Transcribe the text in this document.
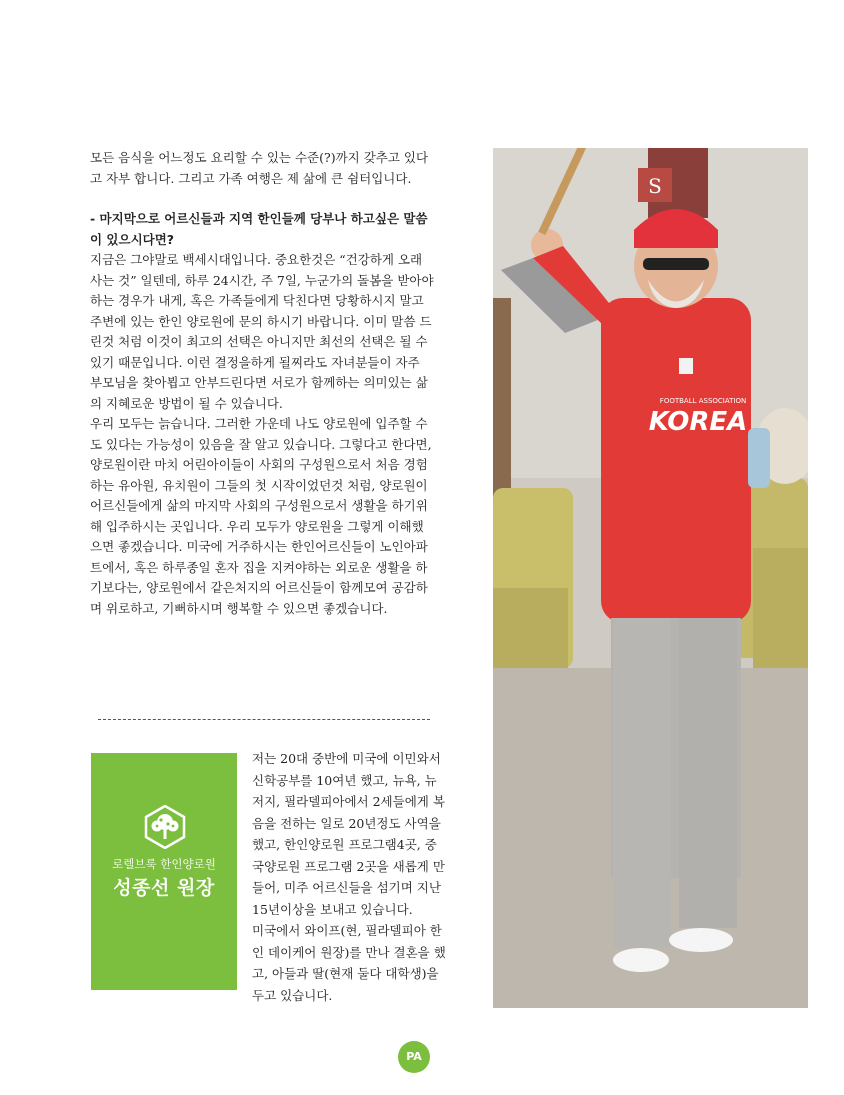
모든 음식을 어느정도 요리할 수 있는 수준(?)까지 갖추고 있다고 자부 합니다. 그리고 가족 여행은 제 삶에 큰 쉼터입니다.

- 마지막으로 어르신들과 지역 한인들께 당부나 하고싶은 말씀이 있으시다면?

지금은 그야말로 백세시대입니다. 중요한것은 “건강하게 오래 사는 것” 일텐데, 하루 24시간, 주 7일, 누군가의 돌봄을 받아야 하는 경우가 내게, 혹은 가족들에게 닥친다면 당황하시지 말고 주변에 있는 한인 양로원에 문의 하시기 바랍니다. 이미 말씀 드린것 처럼 이것이 최고의 선택은 아니지만 최선의 선택은 될 수 있기 때문입니다. 이런 결정을하게 될찌라도 자녀분들이 자주 부모님을 찾아뵙고 안부드린다면 서로가 함께하는 의미있는 삶의 지혜로운 방법이 될 수 있습니다.

우리 모두는 늙습니다. 그러한 가운데 나도 양로원에 입주할 수도 있다는 가능성이 있음을 잘 알고 있습니다. 그렇다고 한다면, 양로원이란 마치 어린아이들이 사회의 구성원으로서 처음 경험 하는 유아원, 유치원이 그들의 첫 시작이었던것 처럼, 양로원이 어르신들에게 삶의 마지막 사회의 구성원으로서 생활을 하기위해 입주하시는 곳입니다. 우리 모두가 양로원을 그렇게 이해했으면 좋겠습니다. 미국에 거주하시는 한인어르신들이 노인아파트에서, 혹은 하루종일 혼자 집을 지켜야하는 외로운 생활을 하기보다는, 양로원에서 같은처지의 어르신들이 함께모여 공감하며 위로하고, 기뻐하시며 행복할 수 있으면 좋겠습니다.

로렐브룩 한인양로원
성종선 원장
저는 20대 중반에 미국에 이민와서 신학공부를 10여년 했고, 뉴욕, 뉴저지, 필라델피아에서 2세들에게 복음을 전하는 일로 20년정도 사역을 했고, 한인양로원 프로그램4곳, 중국양로원 프로그램 2곳을 새롭게 만들어, 미주 어르신들을 섬기며 지난 15년이상을 보내고 있습니다.
미국에서 와이프(현, 필라델피아 한인 데이케어 원장)를 만나 결혼을 했고, 아들과 딸(현재 둘다 대학생)을 두고 있습니다.
S
KOREA
FOOTBALL ASSOCIATION
PA
